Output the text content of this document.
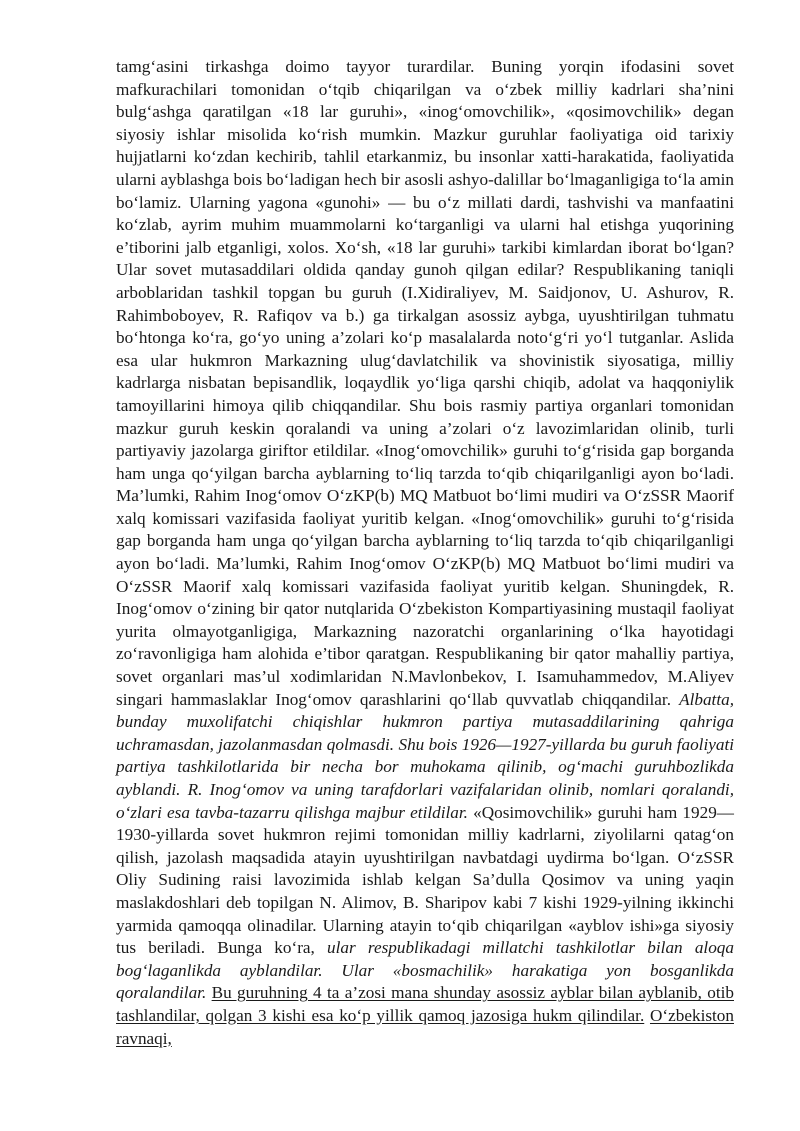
tamg‘asini tirkashga doimo tayyor turardilar. Buning yorqin ifodasini sovet mafkurachilari tomonidan o‘tqib chiqarilgan va o‘zbek milliy kadrlari sha’nini bulg‘ashga qaratilgan «18 lar guruhi», «inog‘omovchilik», «qosimovchilik» degan siyosiy ishlar misolida ko‘rish mumkin. Mazkur guruhlar faoliyatiga oid tarixiy hujjatlarni ko‘zdan kechirib, tahlil etarkanmiz, bu insonlar xatti-harakatida, faoliyatida ularni ayblashga bois bo‘ladigan hech bir asosli ashyo-dalillar bo‘lmaganligiga to‘la amin bo‘lamiz. Ularning yagona «gunohi» — bu o‘z millati dardi, tashvishi va manfaatini ko‘zlab, ayrim muhim muammolarni ko‘targanligi va ularni hal etishga yuqorining e’tiborini jalb etganligi, xolos. Xo‘sh, «18 lar guruhi» tarkibi kimlardan iborat bo‘lgan? Ular sovet mutasaddilari oldida qanday gunoh qilgan edilar? Respublikaning taniqli arboblaridan tashkil topgan bu guruh (I.Xidiraliyev, M. Saidjonov, U. Ashurov, R. Rahimboboyev, R. Rafiqov va b.) ga tirkalgan asossiz aybga, uyushtirilgan tuhmatu bo‘htonga ko‘ra, go‘yo uning a’zolari ko‘p masalalarda noto‘g‘ri yo‘l tutganlar. Aslida esa ular hukmron Markazning ulug‘davlatchilik va shovinistik siyosatiga, milliy kadrlarga nisbatan bepisandlik, loqaydlik yo‘liga qarshi chiqib, adolat va haqqoniylik tamoyillarini himoya qilib chiqqandilar. Shu bois rasmiy partiya organlari tomonidan mazkur guruh keskin qoralandi va uning a’zolari o‘z lavozimlaridan olinib, turli partiyaviy jazolarga giriftor etildilar. «Inog‘omovchilik» guruhi to‘g‘risida gap borganda ham unga qo‘yilgan barcha ayblarning to‘liq tarzda to‘qib chiqarilganligi ayon bo‘ladi. Ma’lumki, Rahim Inog‘omov O‘zKP(b) MQ Matbuot bo‘limi mudiri va O‘zSSR Maorif xalq komissari vazifasida faoliyat yuritib kelgan. «Inog‘omovchilik» guruhi to‘g‘risida gap borganda ham unga qo‘yilgan barcha ayblarning to‘liq tarzda to‘qib chiqarilganligi ayon bo‘ladi. Ma’lumki, Rahim Inog‘omov O‘zKP(b) MQ Matbuot bo‘limi mudiri va O‘zSSR Maorif xalq komissari vazifasida faoliyat yuritib kelgan. Shuningdek, R. Inog‘omov o‘zining bir qator nutqlarida O‘zbekiston Kompartiyasining mustaqil faoliyat yurita olmayotganligiga, Markazning nazoratchi organlarining o‘lka hayotidagi zo‘ravonligiga ham alohida e’tibor qaratgan. Respublikaning bir qator mahalliy partiya, sovet organlari mas’ul xodimlaridan N.Mavlonbekov, I. Isamuhammedov, M.Aliyev singari hammaslaklar Inog‘omov qarashlarini qo‘llab quvvatlab chiqqandilar. Albatta, bunday muxolifatchi chiqishlar hukmron partiya mutasaddilarining qahriga uchramasdan, jazolanmasdan qolmasdi. Shu bois 1926—1927-yillarda bu guruh faoliyati partiya tashkilotlarida bir necha bor muhokama qilinib, og‘machi guruhbozlikda ayblandi. R. Inog‘omov va uning tarafdorlari vazifalaridan olinib, nomlari qoralandi, o‘zlari esa tavba-tazarru qilishga majbur etildilar. «Qosimovchilik» guruhi ham 1929—1930-yillarda sovet hukmron rejimi tomonidan milliy kadrlarni, ziyolilarni qatag‘on qilish, jazolash maqsadida atayin uyushtirilgan navbatdagi uydirma bo‘lgan. O‘zSSR Oliy Sudining raisi lavozimida ishlab kelgan Sa’dulla Qosimov va uning yaqin maslakdoshlari deb topilgan N. Alimov, B. Sharipov kabi 7 kishi 1929-yilning ikkinchi yarmida qamoqqa olinadilar. Ularning atayin to‘qib chiqarilgan «ayblov ishi»ga siyosiy tus beriladi. Bunga ko‘ra, ular respublikadagi millatchi tashkilotlar bilan aloqa bog‘laganlikda ayblandilar. Ular «bosmachilik» harakatiga yon bosganlikda qoralandilar. Bu guruhning 4 ta a’zosi mana shunday asossiz ayblar bilan ayblanib, otib tashlandilar, qolgan 3 kishi esa ko‘p yillik qamoq jazosiga hukm qilindilar. O‘zbekiston ravnaqi,
